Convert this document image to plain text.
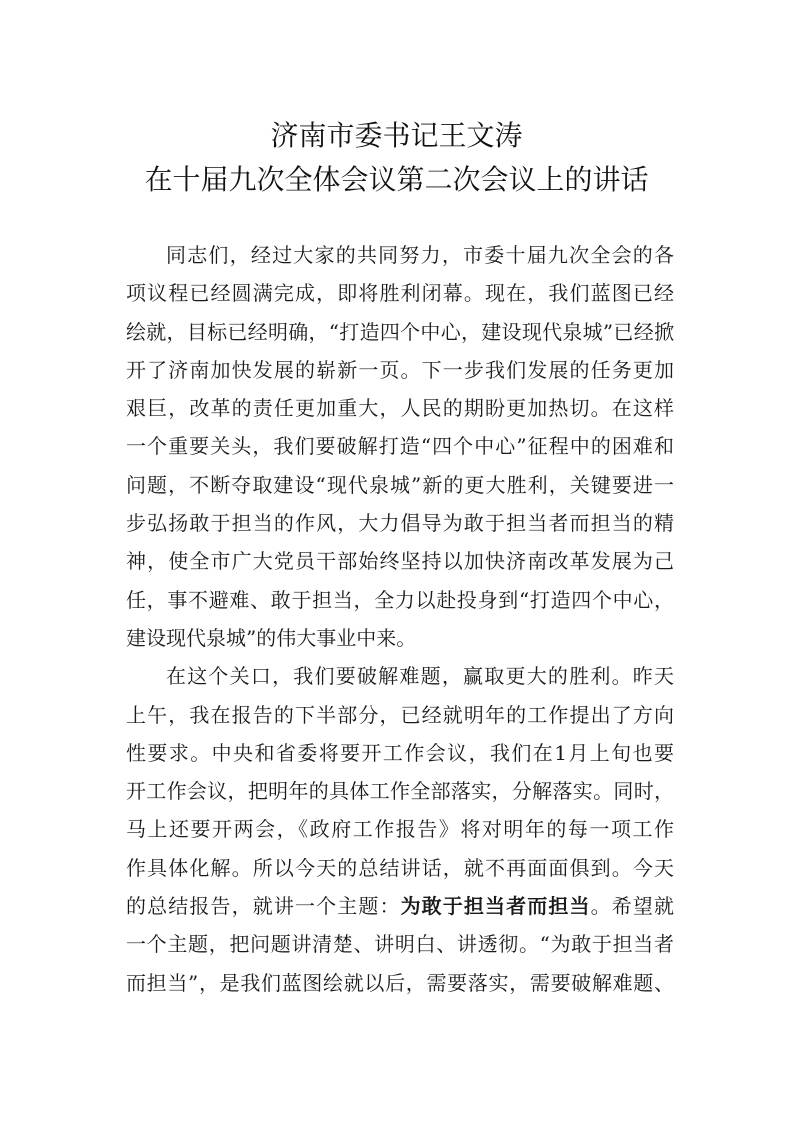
济南市委书记王文涛
在十届九次全体会议第二次会议上的讲话
同志们，经过大家的共同努力，市委十届九次全会的各
项议程已经圆满完成，即将胜利闭幕。现在，我们蓝图已经
绘就，目标已经明确，“打造四个中心，建设现代泉城”已经掀
开了济南加快发展的崭新一页。下一步我们发展的任务更加
艰巨，改革的责任更加重大，人民的期盼更加热切。在这样
一个重要关头，我们要破解打造“四个中心”征程中的困难和
问题，不断夺取建设“现代泉城”新的更大胜利，关键要进一
步弘扬敢于担当的作风，大力倡导为敢于担当者而担当的精
神，使全市广大党员干部始终坚持以加快济南改革发展为己
任，事不避难、敢于担当，全力以赴投身到“打造四个中心，
建设现代泉城”的伟大事业中来。
在这个关口，我们要破解难题，赢取更大的胜利。昨天
上午，我在报告的下半部分，已经就明年的工作提出了方向
性要求。中央和省委将要开工作会议，我们在1月上旬也要
开工作会议，把明年的具体工作全部落实，分解落实。同时，
马上还要开两会，《政府工作报告》将对明年的每一项工作
作具体化解。所以今天的总结讲话，就不再面面俱到。今天
的总结报告，就讲一个主题：为敢于担当者而担当。希望就
一个主题，把问题讲清楚、讲明白、讲透彻。“为敢于担当者
而担当”，是我们蓝图绘就以后，需要落实，需要破解难题、
